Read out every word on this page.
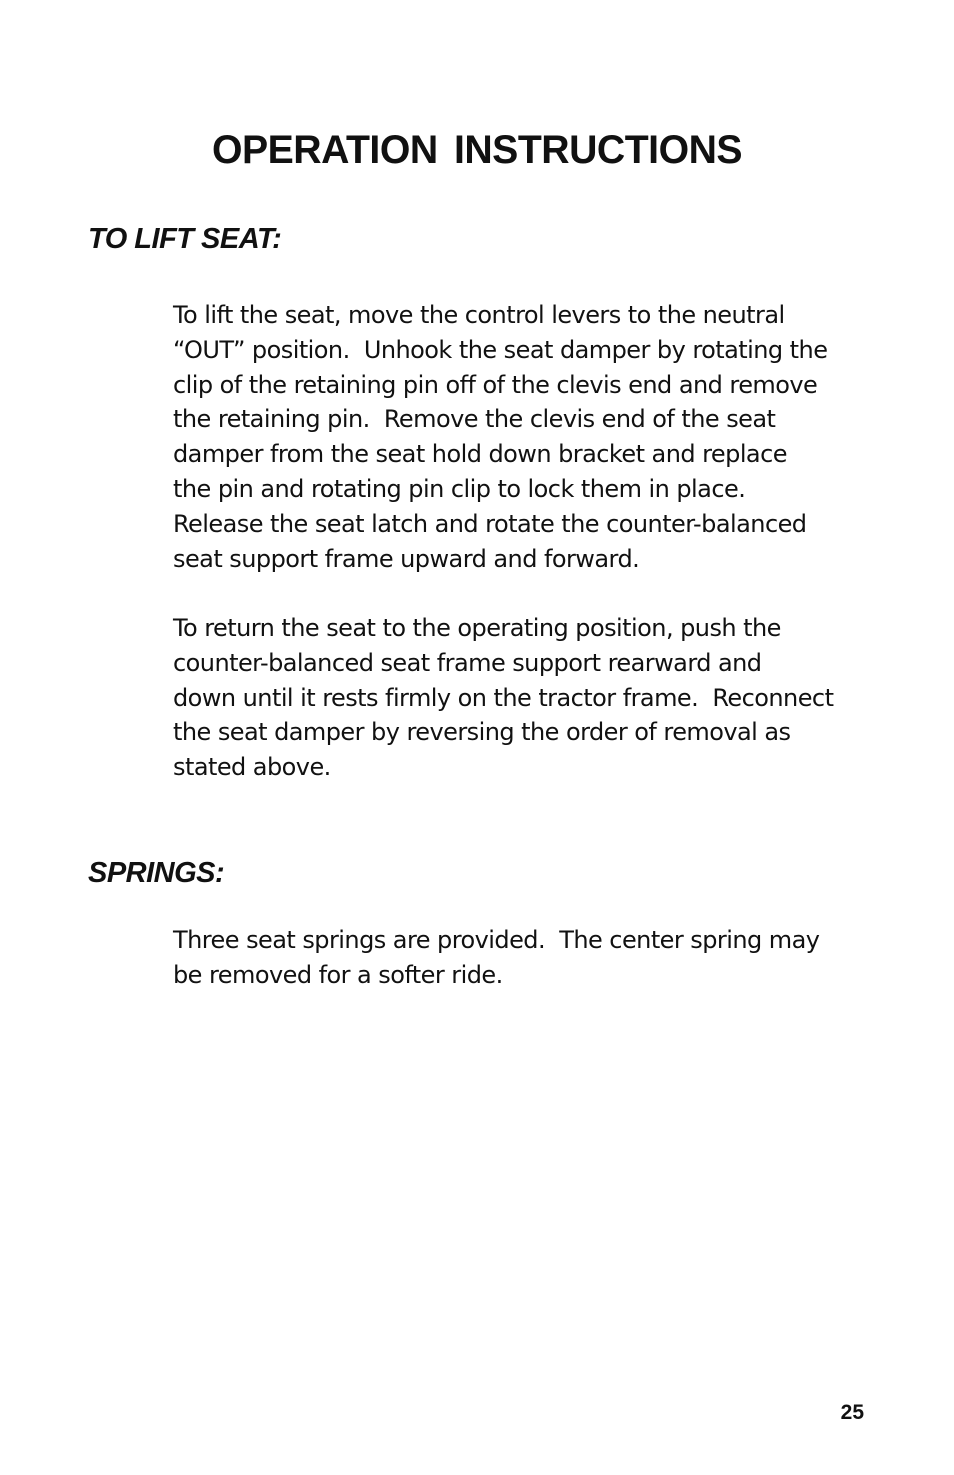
OPERATION INSTRUCTIONS
TO LIFT SEAT:

To lift the seat, move the control levers to the neutral
“OUT” position.  Unhook the seat damper by rotating the
clip of the retaining pin off of the clevis end and remove
the retaining pin.  Remove the clevis end of the seat
damper from the seat hold down bracket and replace
the pin and rotating pin clip to lock them in place.
Release the seat latch and rotate the counter-balanced
seat support frame upward and forward.

To return the seat to the operating position, push the
counter-balanced seat frame support rearward and
down until it rests firmly on the tractor frame.  Reconnect
the seat damper by reversing the order of removal as
stated above.

SPRINGS:

Three seat springs are provided.  The center spring may
be removed for a softer ride.

25
